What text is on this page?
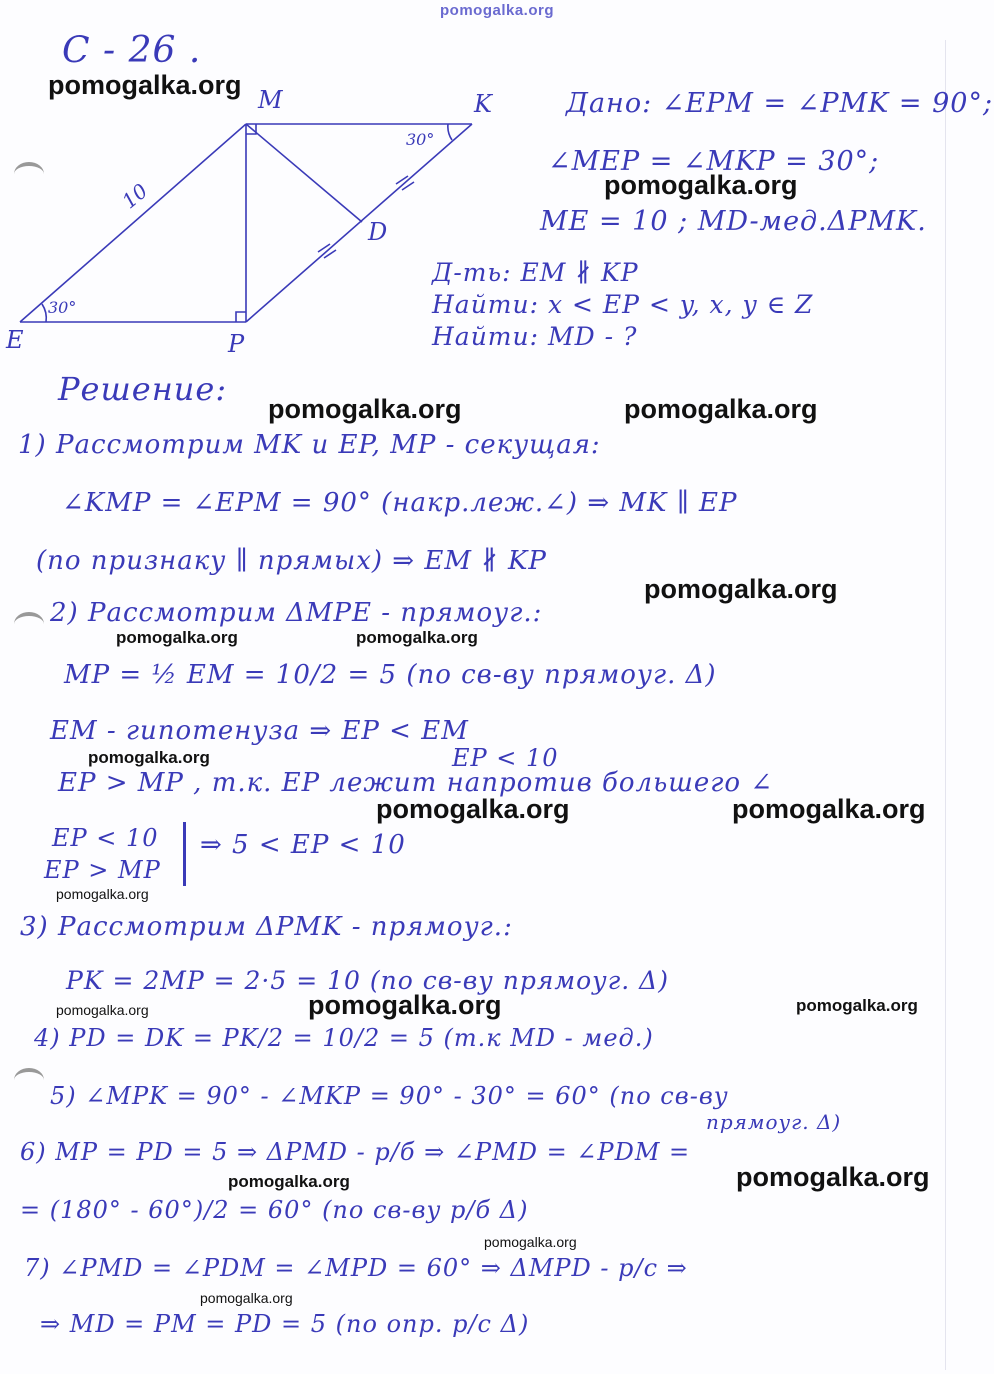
pomogalka.org
С - 26 .
M	K
E	P
D
10
30°
30°
Дано: ∠EPM = ∠PMK = 90°;
∠MEP = ∠MKP = 30°;
ME = 10 ; MD-мед.ΔPMK.
Д-ть: EM ∦ KP
Найти: x < EP < y, x, y ∈ Z
Найти: MD - ?
Решение:
1) Рассмотрим MK и EP, MP - секущая:
∠KMP = ∠EPM = 90° (накр.леж.∠) ⇒ MK ∥ EP
(по признаку ∥ прямых) ⇒ EM ∦ KP
2) Рассмотрим ΔMPE - прямоуг.:
MP = ½ EM = 10/2 = 5 (по св-ву прямоуг. Δ)
EM - гипотенуза ⇒ EP < EM
EP < 10
EP > MP , т.к. EP лежит напротив большего ∠
EP < 10
EP > MP
⇒ 5 < EP < 10
3) Рассмотрим ΔPMK - прямоуг.:
PK = 2MP = 2·5 = 10 (по св-ву прямоуг. Δ)
4) PD = DK = PK/2 = 10/2 = 5 (т.к MD - мед.)
5) ∠MPK = 90° - ∠MKP = 90° - 30° = 60° (по св-ву
прямоуг. Δ)
6) MP = PD = 5 ⇒ ΔPMD - р/б ⇒ ∠PMD = ∠PDM =
= (180° - 60°)/2 = 60° (по св-ву р/б Δ)
7) ∠PMD = ∠PDM = ∠MPD = 60° ⇒ ΔMPD - р/с ⇒
⇒ MD = PM = PD = 5 (по опр. р/с Δ)
pomogalka.org
pomogalka.org
pomogalka.org	pomogalka.org
pomogalka.org
pomogalka.org	pomogalka.org
pomogalka.org
pomogalka.org	pomogalka.org
pomogalka.org
pomogalka.org	pomogalka.org	pomogalka.org
pomogalka.org
pomogalka.org
pomogalka.org
pomogalka.org
